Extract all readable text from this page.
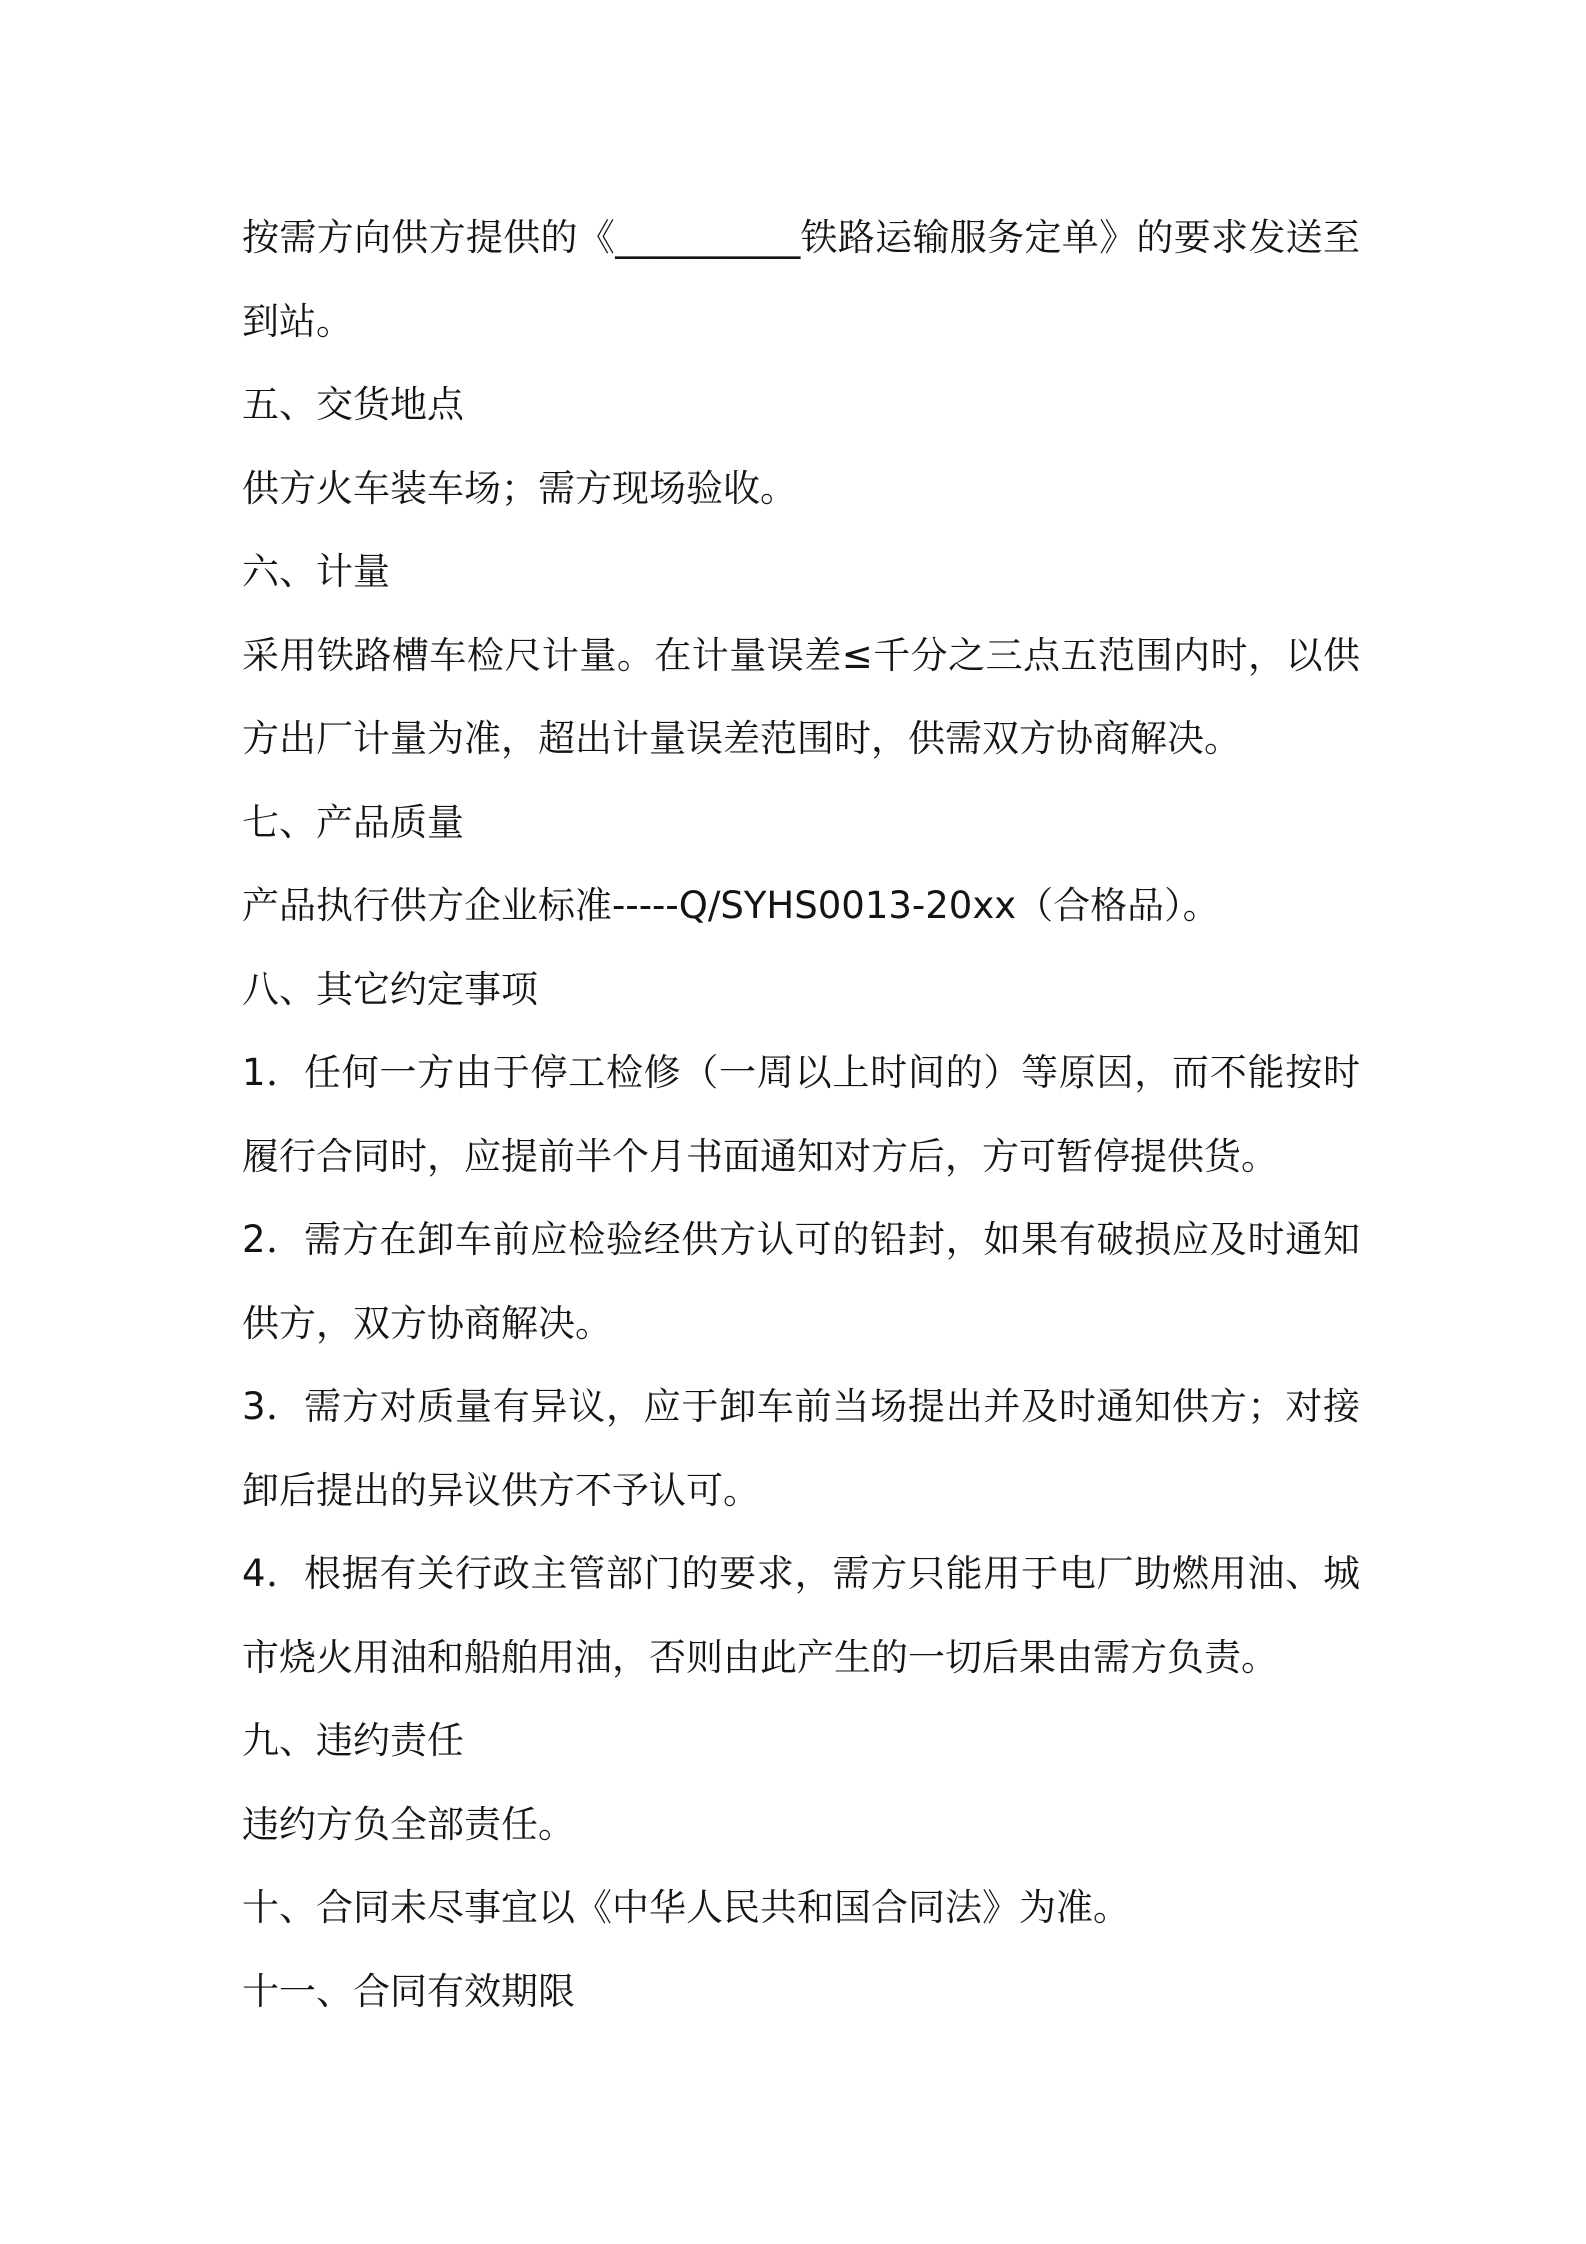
按需方向供方提供的《__________铁路运输服务定单》的要求发送至
到站。
五、交货地点
供方火车装车场；需方现场验收。
六、计量
采用铁路槽车检尺计量。在计量误差≤千分之三点五范围内时，以供
方出厂计量为准，超出计量误差范围时，供需双方协商解决。
七、产品质量
产品执行供方企业标准-----Q/SYHS0013-20xx（合格品）。
八、其它约定事项
1．任何一方由于停工检修（一周以上时间的）等原因，而不能按时
履行合同时，应提前半个月书面通知对方后，方可暂停提供货。
2．需方在卸车前应检验经供方认可的铅封，如果有破损应及时通知
供方，双方协商解决。
3．需方对质量有异议，应于卸车前当场提出并及时通知供方；对接
卸后提出的异议供方不予认可。
4．根据有关行政主管部门的要求，需方只能用于电厂助燃用油、城
市烧火用油和船舶用油，否则由此产生的一切后果由需方负责。
九、违约责任
违约方负全部责任。
十、合同未尽事宜以《中华人民共和国合同法》为准。
十一、合同有效期限
